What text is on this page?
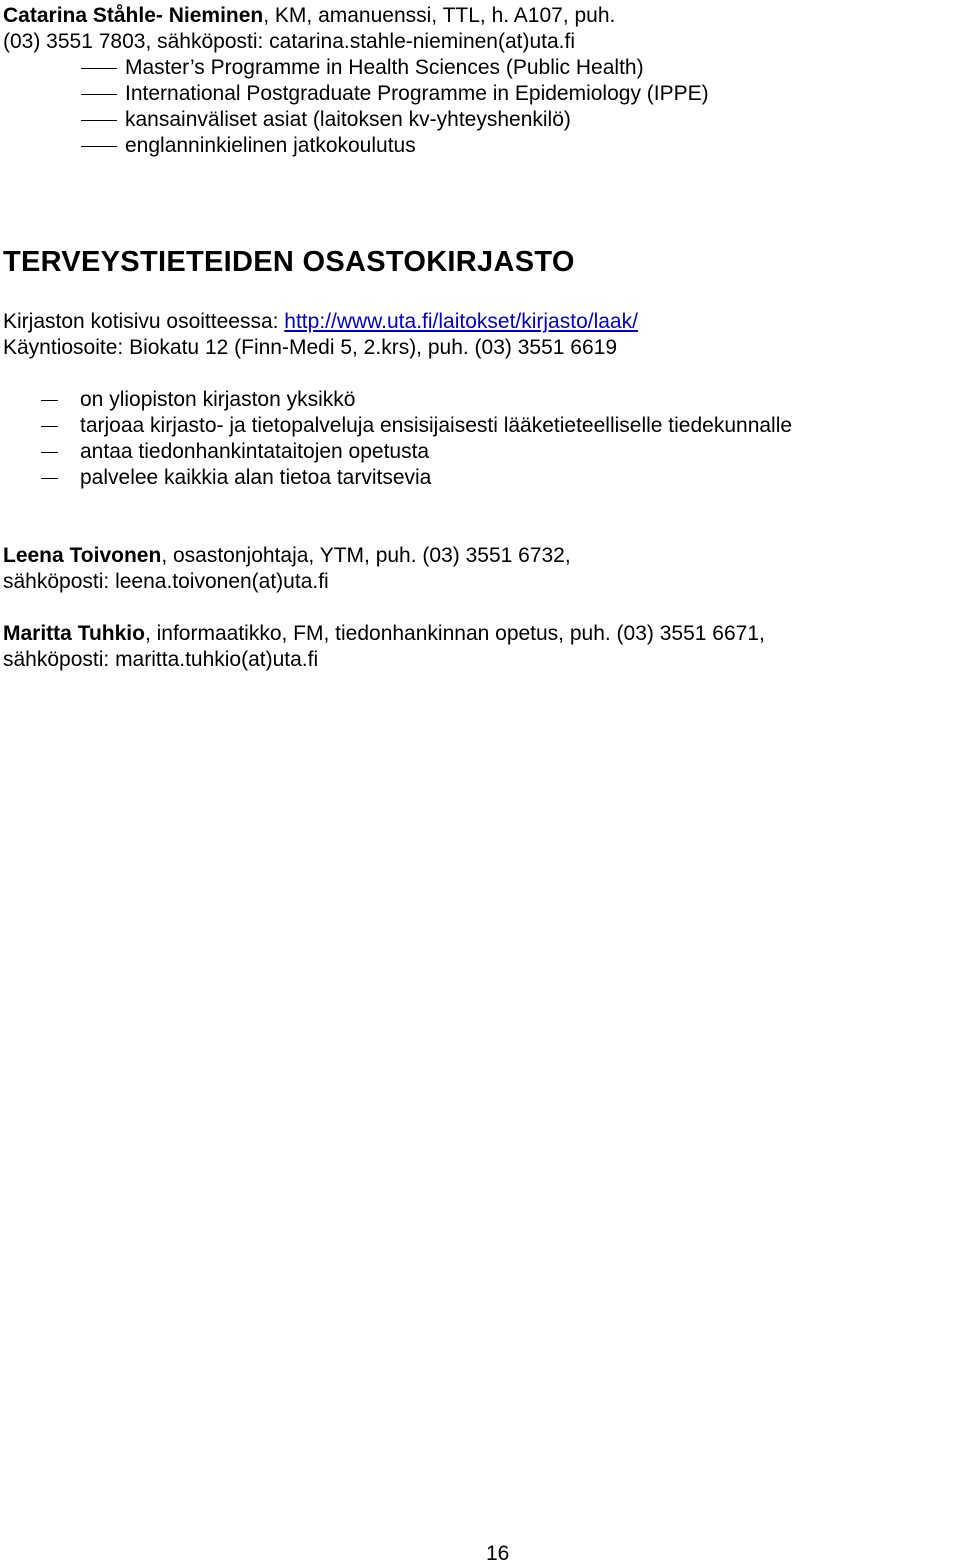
Catarina Ståhle- Nieminen, KM, amanuenssi, TTL, h. A107, puh.
(03) 3551 7803, sähköposti: catarina.stahle-nieminen(at)uta.fi
Master’s Programme in Health Sciences (Public Health)
International Postgraduate Programme in Epidemiology (IPPE)
kansainväliset asiat (laitoksen kv-yhteyshenkilö)
englanninkielinen jatkokoulutus
TERVEYSTIETEIDEN OSASTOKIRJASTO
Kirjaston kotisivu osoitteessa: http://www.uta.fi/laitokset/kirjasto/laak/
Käyntiosoite: Biokatu 12 (Finn-Medi 5, 2.krs), puh. (03) 3551 6619
on yliopiston kirjaston yksikkö
tarjoaa kirjasto- ja tietopalveluja ensisijaisesti lääketieteelliselle tiedekunnalle
antaa tiedonhankintataitojen opetusta
palvelee kaikkia alan tietoa tarvitsevia
Leena Toivonen, osastonjohtaja, YTM, puh. (03) 3551 6732,
sähköposti: leena.toivonen(at)uta.fi
Maritta Tuhkio, informaatikko, FM, tiedonhankinnan opetus, puh. (03) 3551 6671,
sähköposti: maritta.tuhkio(at)uta.fi
16
